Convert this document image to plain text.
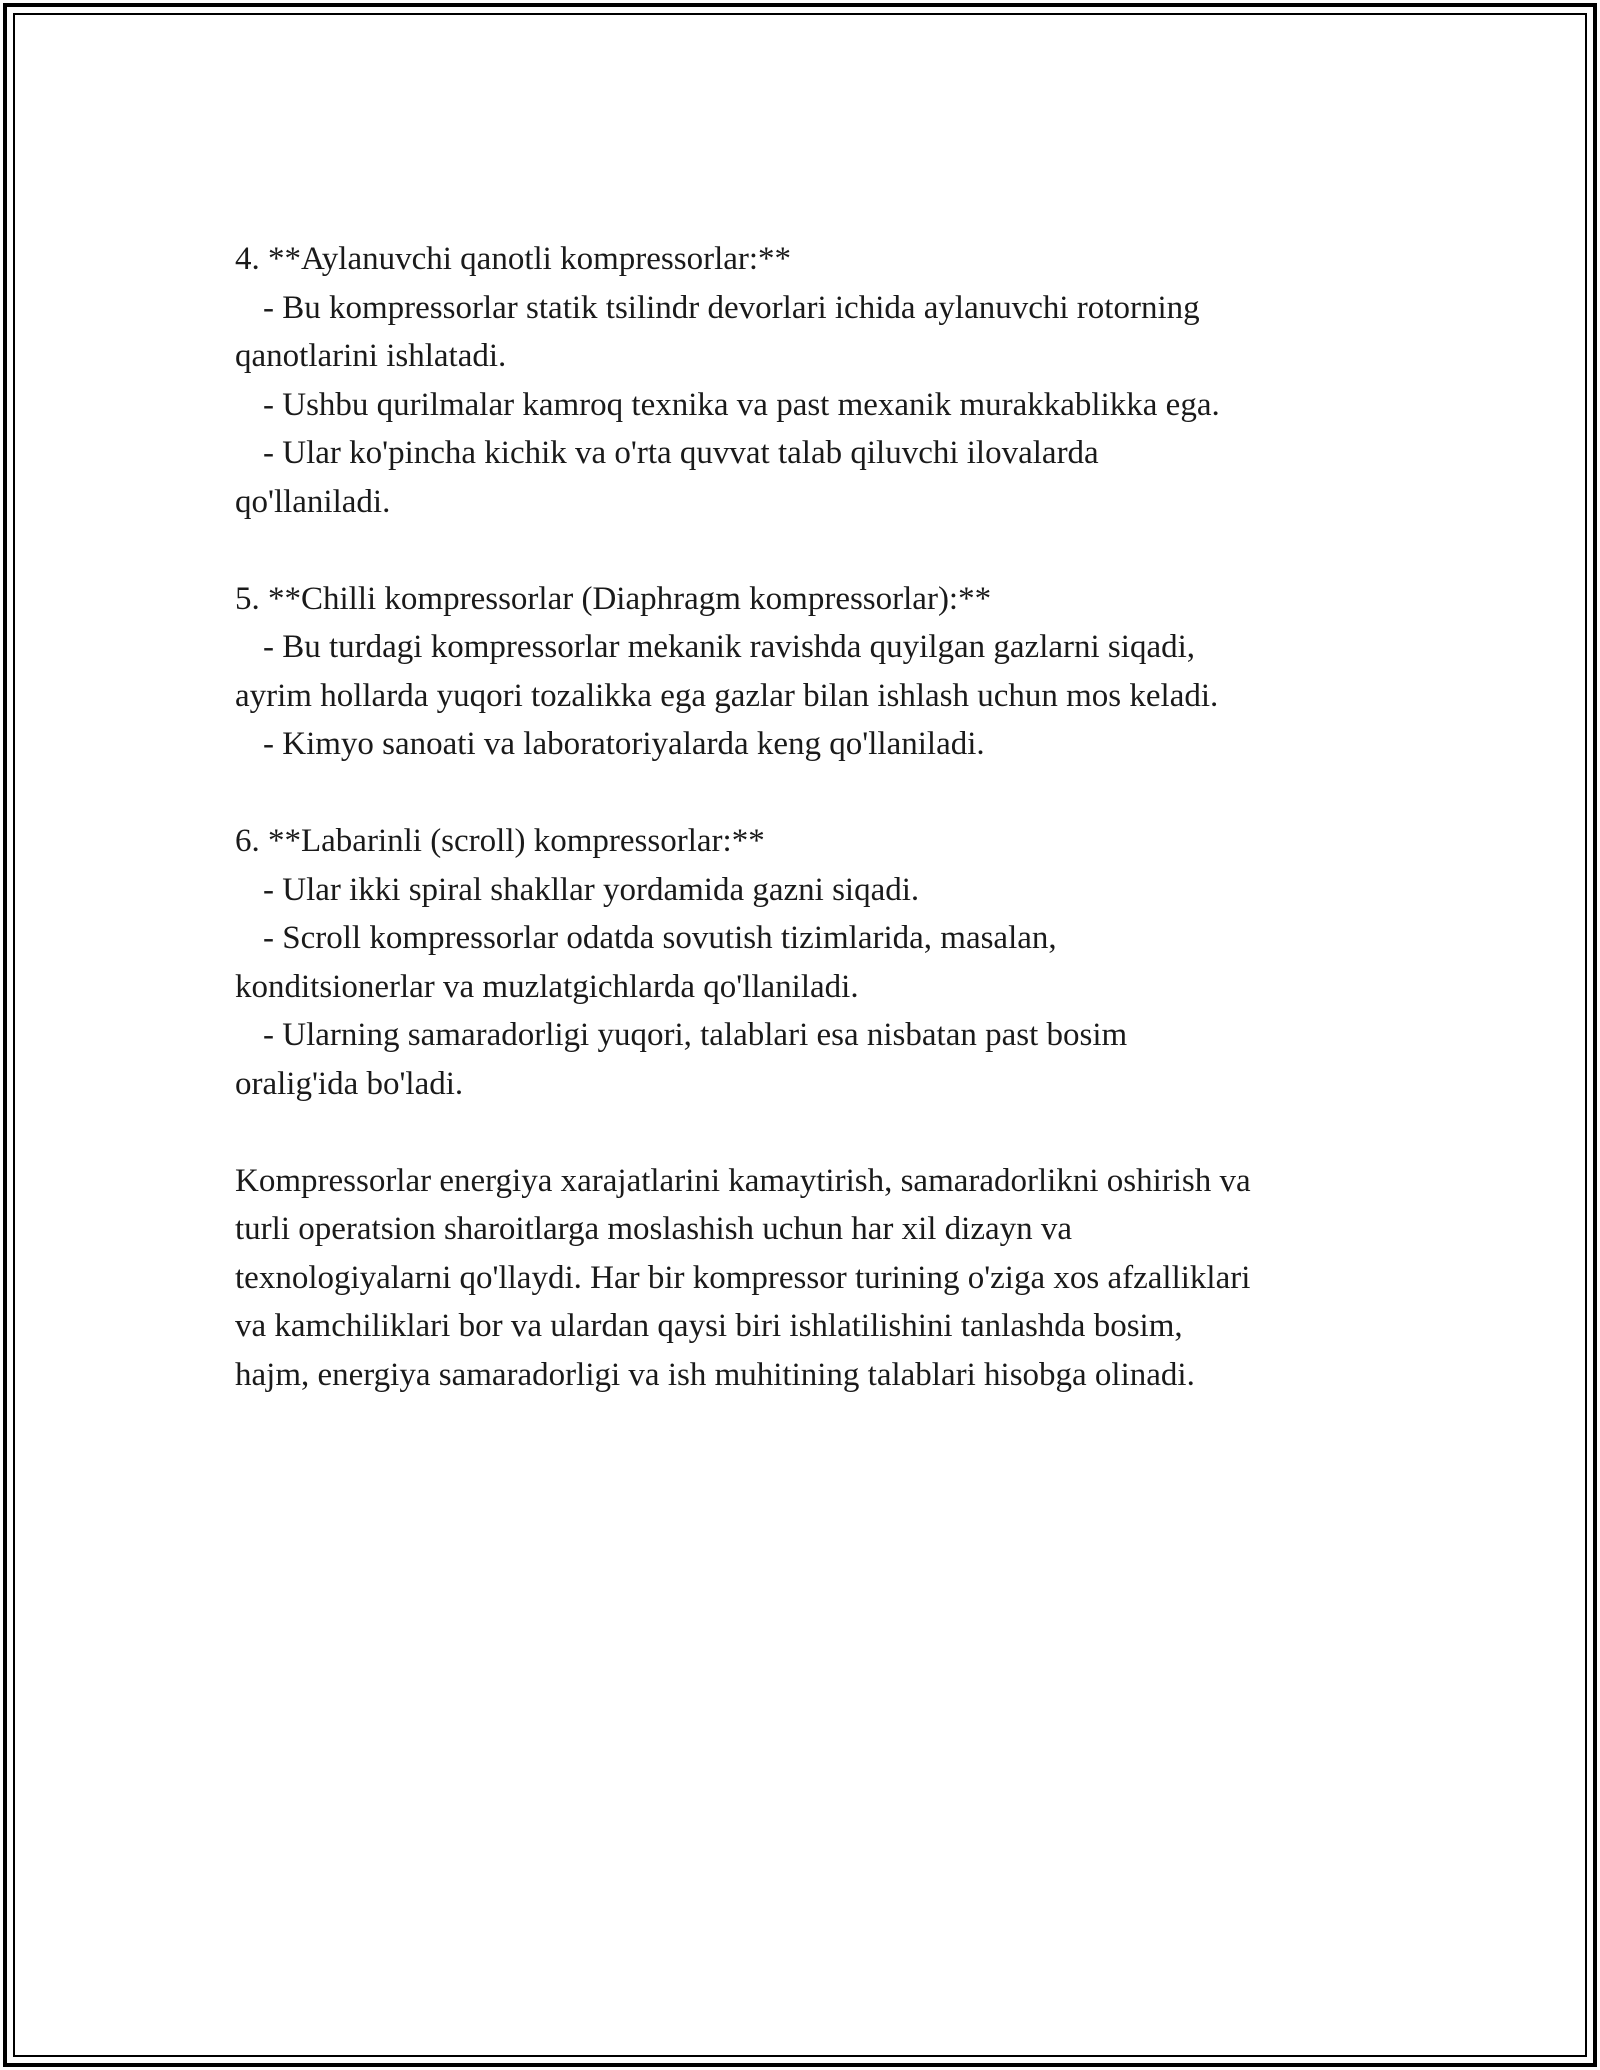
4. **Aylanuvchi qanotli kompressorlar:**
- Bu kompressorlar statik tsilindr devorlari ichida aylanuvchi rotorning
qanotlarini ishlatadi.
- Ushbu qurilmalar kamroq texnika va past mexanik murakkablikka ega.
- Ular ko'pincha kichik va o'rta quvvat talab qiluvchi ilovalarda
qo'llaniladi.
5. **Chilli kompressorlar (Diaphragm kompressorlar):**
- Bu turdagi kompressorlar mekanik ravishda quyilgan gazlarni siqadi,
ayrim hollarda yuqori tozalikka ega gazlar bilan ishlash uchun mos keladi.
- Kimyo sanoati va laboratoriyalarda keng qo'llaniladi.
6. **Labarinli (scroll) kompressorlar:**
- Ular ikki spiral shakllar yordamida gazni siqadi.
- Scroll kompressorlar odatda sovutish tizimlarida, masalan,
konditsionerlar va muzlatgichlarda qo'llaniladi.
- Ularning samaradorligi yuqori, talablari esa nisbatan past bosim
oralig'ida bo'ladi.
Kompressorlar energiya xarajatlarini kamaytirish, samaradorlikni oshirish va
turli operatsion sharoitlarga moslashish uchun har xil dizayn va
texnologiyalarni qo'llaydi. Har bir kompressor turining o'ziga xos afzalliklari
va kamchiliklari bor va ulardan qaysi biri ishlatilishini tanlashda bosim,
hajm, energiya samaradorligi va ish muhitining talablari hisobga olinadi.
